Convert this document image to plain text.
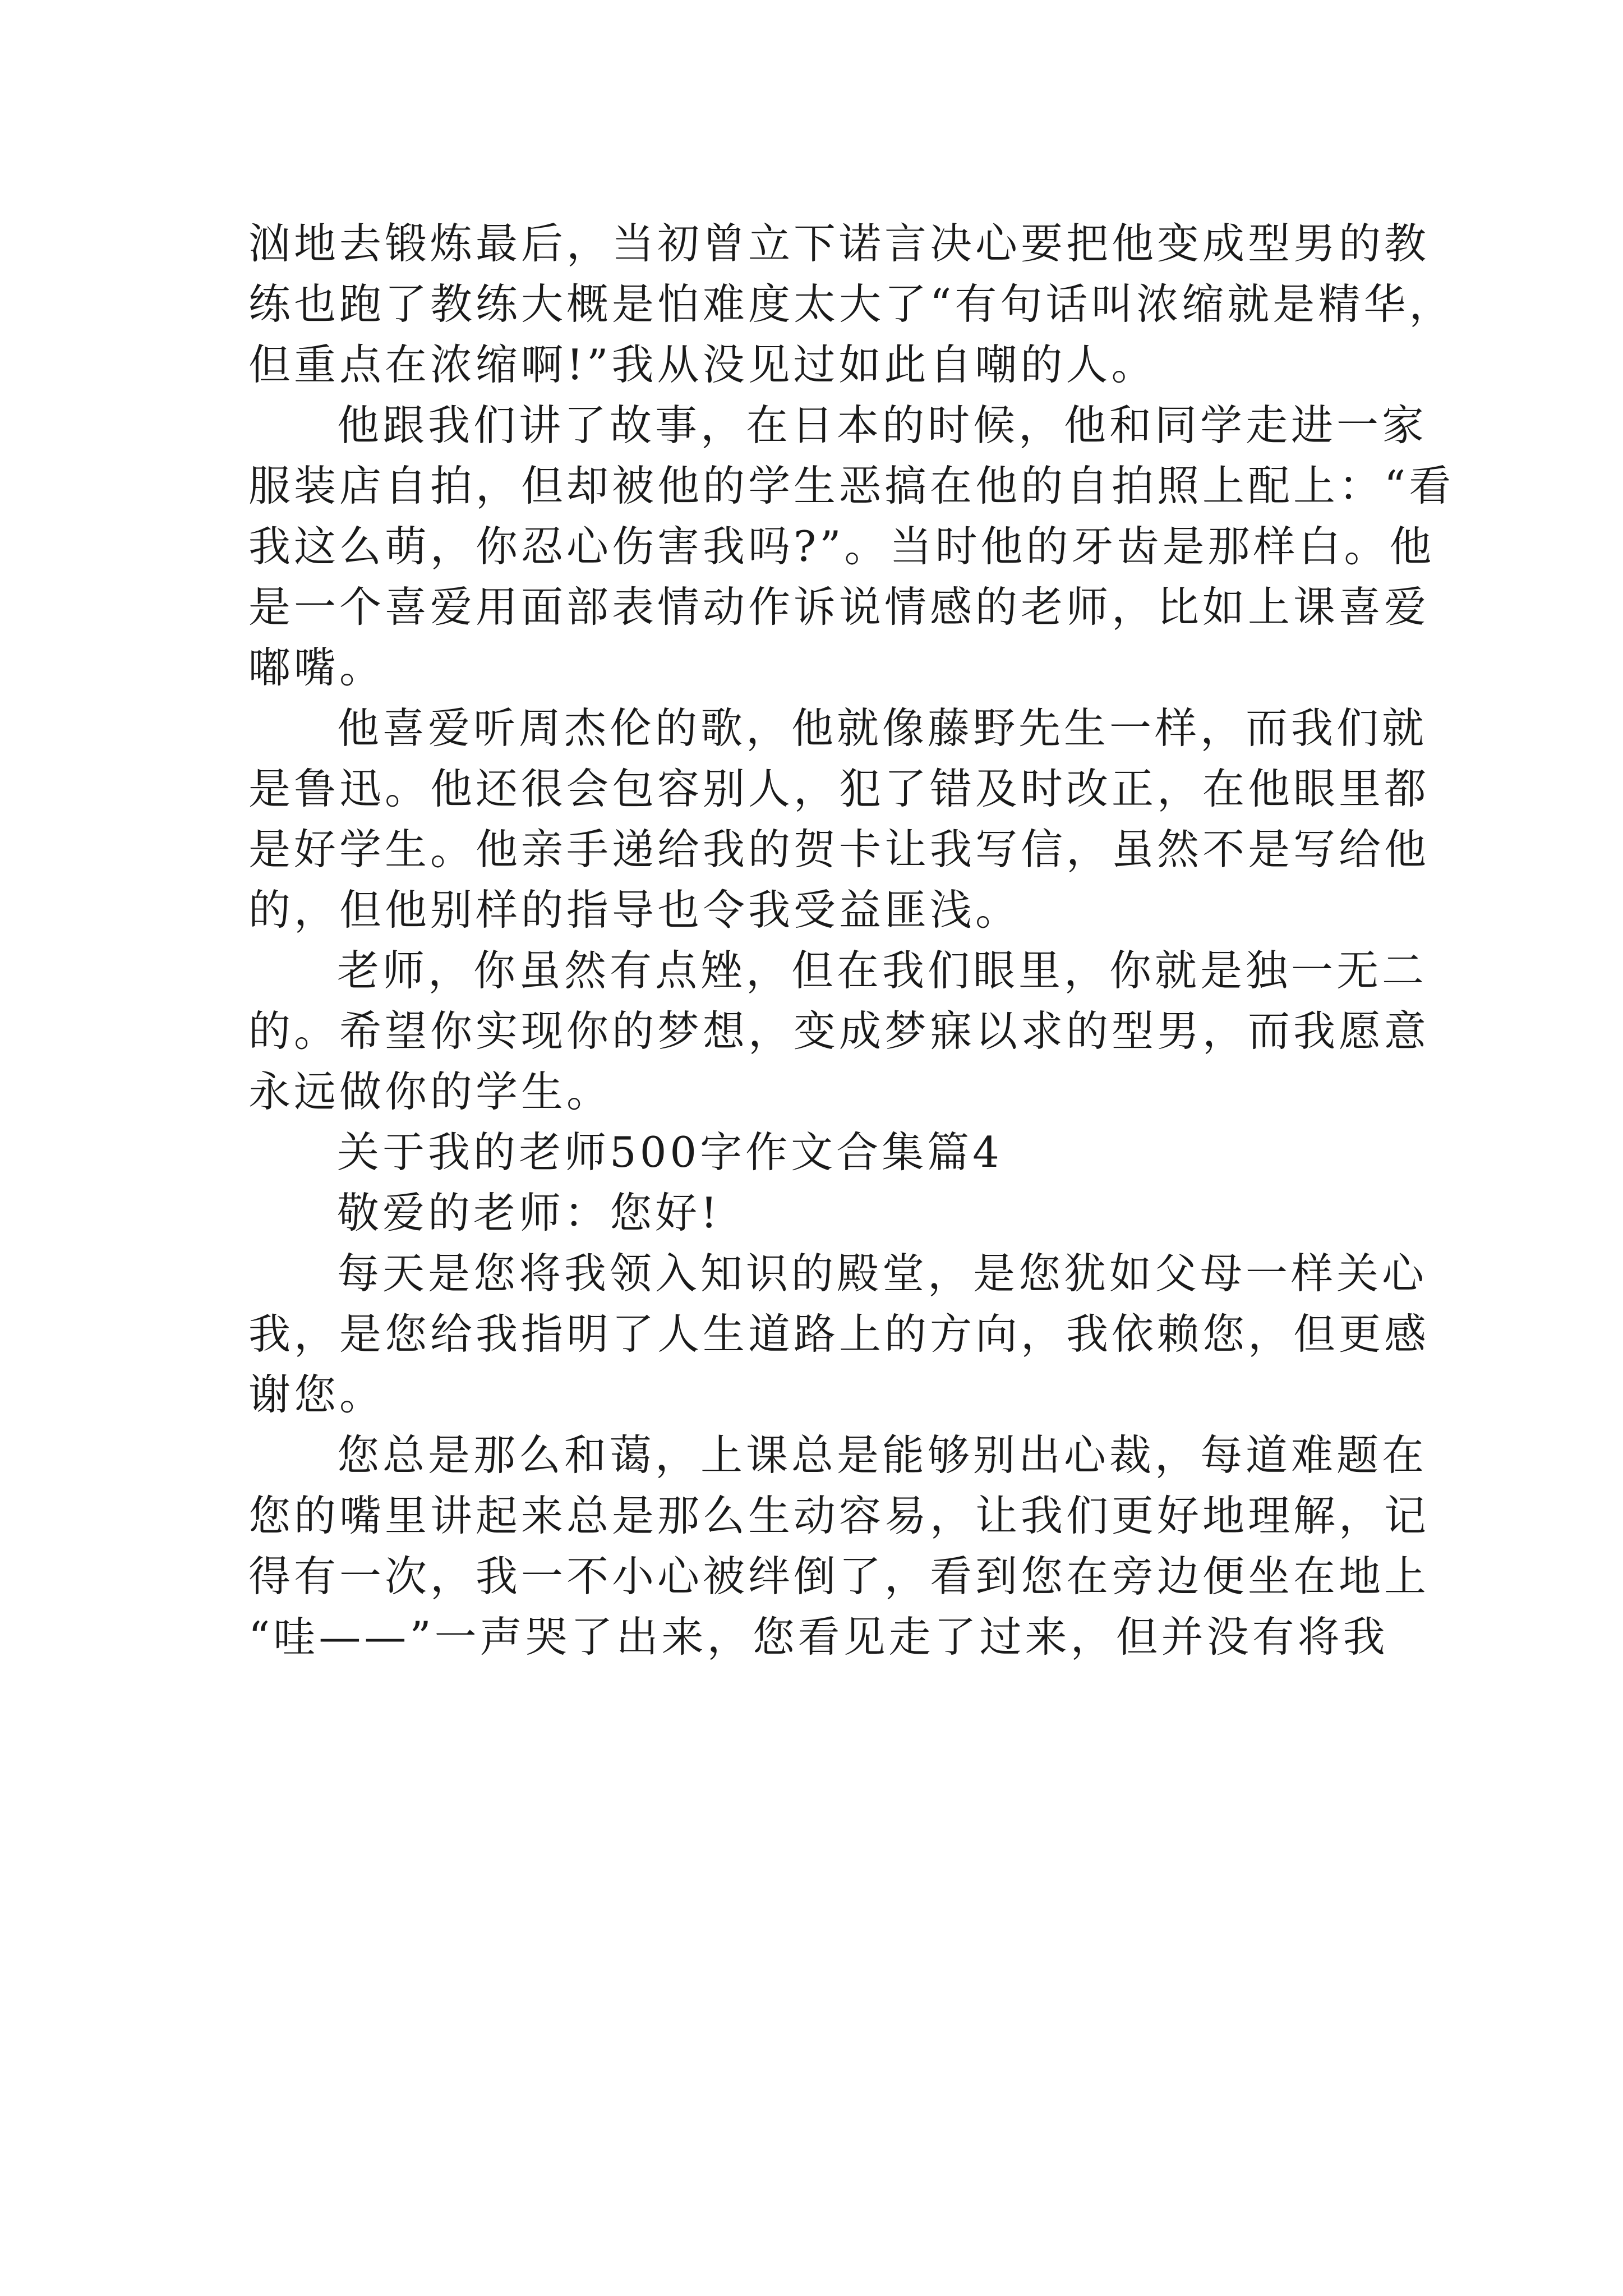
汹地去锻炼最后，当初曾立下诺言决心要把他变成型男的教
练也跑了教练大概是怕难度太大了“有句话叫浓缩就是精华，
但重点在浓缩啊!”我从没见过如此自嘲的人。
他跟我们讲了故事，在日本的时候，他和同学走进一家
服装店自拍，但却被他的学生恶搞在他的自拍照上配上：“看
我这么萌，你忍心伤害我吗?”。当时他的牙齿是那样白。他
是一个喜爱用面部表情动作诉说情感的老师，比如上课喜爱
嘟嘴。
他喜爱听周杰伦的歌，他就像藤野先生一样，而我们就
是鲁迅。他还很会包容别人，犯了错及时改正，在他眼里都
是好学生。他亲手递给我的贺卡让我写信，虽然不是写给他
的，但他别样的指导也令我受益匪浅。
老师，你虽然有点矬，但在我们眼里，你就是独一无二
的。希望你实现你的梦想，变成梦寐以求的型男，而我愿意
永远做你的学生。
关于我的老师500字作文合集篇4
敬爱的老师：您好!
每天是您将我领入知识的殿堂，是您犹如父母一样关心
我，是您给我指明了人生道路上的方向，我依赖您，但更感
谢您。
您总是那么和蔼，上课总是能够别出心裁，每道难题在
您的嘴里讲起来总是那么生动容易，让我们更好地理解，记
得有一次，我一不小心被绊倒了，看到您在旁边便坐在地上
“哇——”一声哭了出来，您看见走了过来，但并没有将我
